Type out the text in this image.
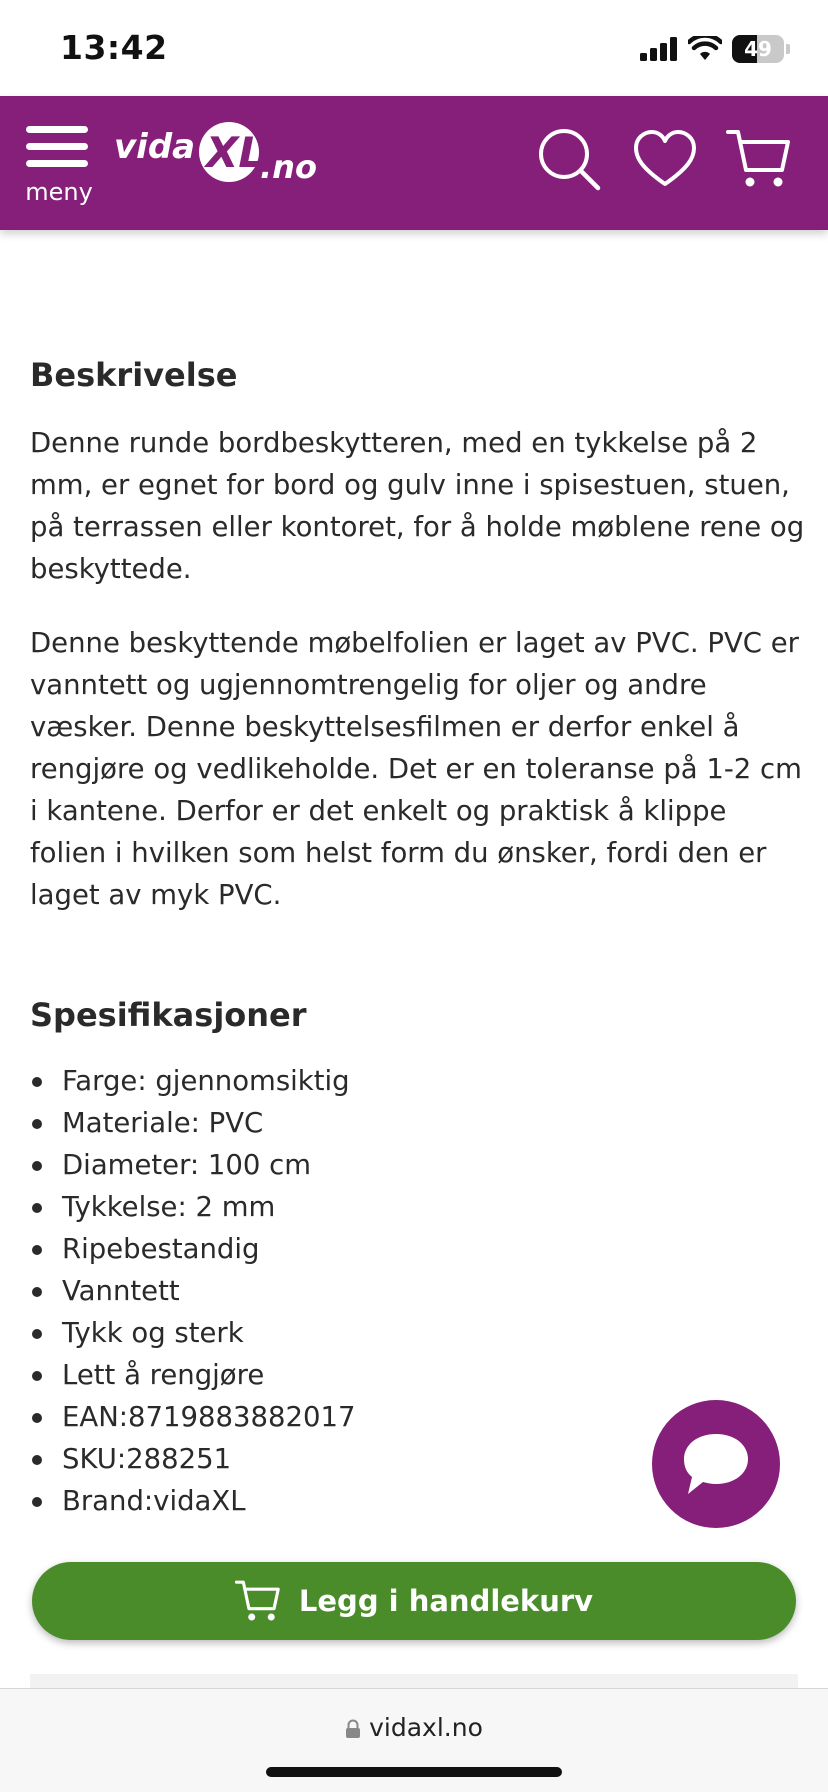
13:42	49
meny
vida XL
.no
Beskrivelse

Denne runde bordbeskytteren, med en tykkelse på 2 mm, er egnet for bord og gulv inne i spisestuen, stuen, på terrassen eller kontoret, for å holde møblene rene og beskyttede.

Denne beskyttende møbelfolien er laget av PVC. PVC er vanntett og ugjennomtrengelig for oljer og andre væsker. Denne beskyttelsesfilmen er derfor enkel å rengjøre og vedlikeholde. Det er en toleranse på 1-2 cm i kantene. Derfor er det enkelt og praktisk å klippe folien i hvilken som helst form du ønsker, fordi den er laget av myk PVC.

Spesifikasjoner
Farge: gjennomsiktig
Materiale: PVC
Diameter: 100 cm
Tykkelse: 2 mm
Ripebestandig
Vanntett
Tykk og sterk
Lett å rengjøre
EAN:8719883882017
SKU:288251
Brand:vidaXL
Legg i handlekurv
vidaxl.no
